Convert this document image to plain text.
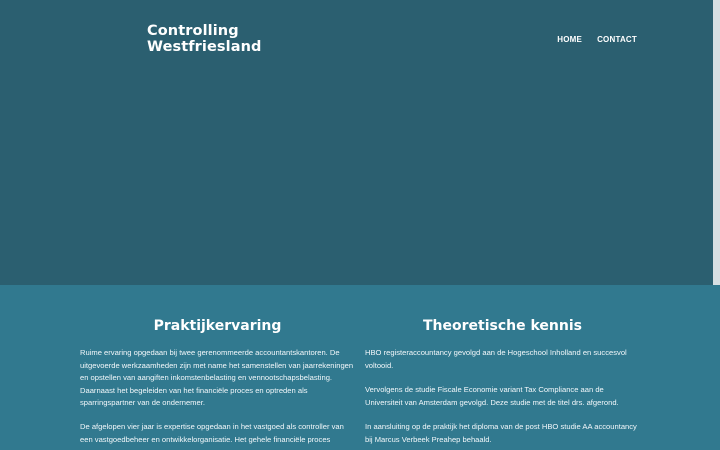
Controlling
Westfriesland	HOME CONTACT
Praktijkervaring

Ruime ervaring opgedaan bij twee gerenommeerde accountantskantoren. De uitgevoerde werkzaamheden zijn met name het samenstellen van jaarrekeningen en opstellen van aangiften inkomstenbelasting en vennootschapsbelasting. Daarnaast het begeleiden van het financiële proces en optreden als sparringspartner van de ondernemer.

De afgelopen vier jaar is expertise opgedaan in het vastgoed als controller van een vastgoedbeheer en ontwikkelorganisatie. Het gehele financiële proces

Theoretische kennis

HBO registeraccountancy gevolgd aan de Hogeschool Inholland en succesvol voltooid.

Vervolgens de studie Fiscale Economie variant Tax Compliance aan de Universiteit van Amsterdam gevolgd. Deze studie met de titel drs. afgerond.

In aansluiting op de praktijk het diploma van de post HBO studie AA accountancy bij Marcus Verbeek Preahep behaald.
